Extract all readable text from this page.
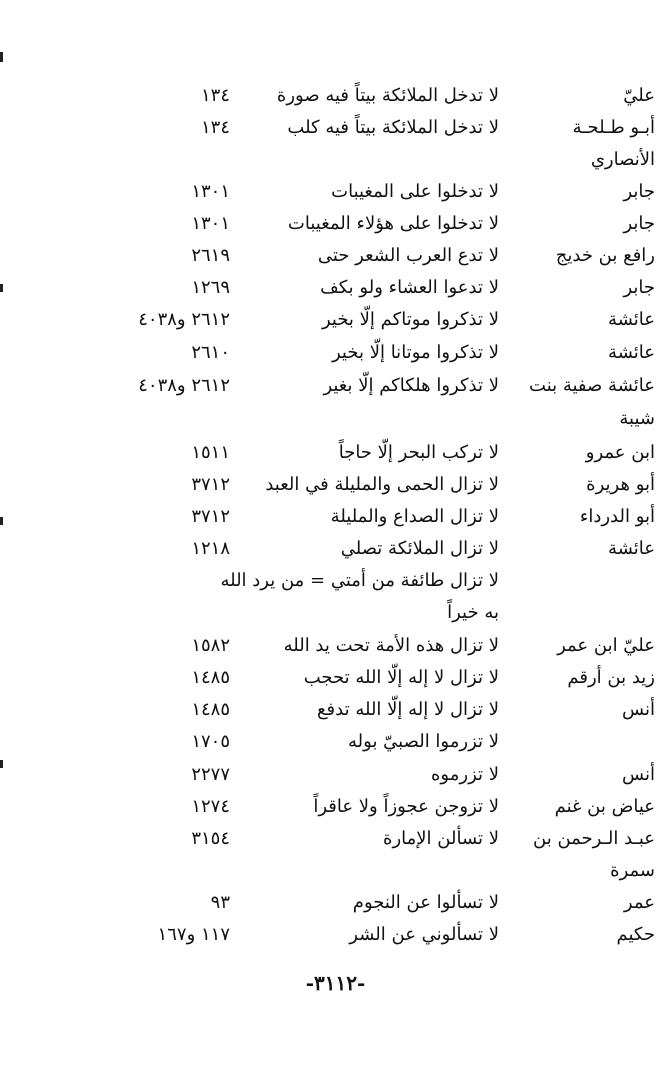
عليّ
لا تدخل الملائكة بيتاً فيه صورة
١٣٤
أبـو طـلحـة
لا تدخل الملائكة بيتاً فيه كلب
١٣٤
الأنصاري
جابر
لا تدخلوا على المغيبات
١٣٠١
جابر
لا تدخلوا على هؤلاء المغيبات
١٣٠١
رافع بن خديج
لا تدع العرب الشعر حتى
٢٦١٩
جابر
لا تدعوا العشاء ولو بكف
١٢٦٩
عائشة
لا تذكروا موتاكم إلّا بخير
٢٦١٢ و٤٠٣٨
عائشة
لا تذكروا موتانا إلّا بخير
٢٦١٠
عائشة صفية بنت
لا تذكروا هلكاكم إلّا بغير
٢٦١٢ و٤٠٣٨
شيبة
ابن عمرو
لا تركب البحر إلّا حاجاً
١٥١١
أبو هريرة
لا تزال الحمى والمليلة في العبد
٣٧١٢
أبو الدرداء
لا تزال الصداع والمليلة
٣٧١٢
عائشة
لا تزال الملائكة تصلي
١٢١٨
لا تزال طائفة من أمتي = من يرد الله
به خيراً
عليّ ابن عمر
لا تزال هذه الأمة تحت يد الله
١٥٨٢
زيد بن أرقم
لا تزال لا إله إلّا الله تحجب
١٤٨٥
أنس
لا تزال لا إله إلّا الله تدفع
١٤٨٥
لا تزرموا الصبيّ بوله
١٧٠٥
أنس
لا تزرموه
٢٢٧٧
عياض بن غنم
لا تزوجن عجوزاً ولا عاقراً
١٢٧٤
عبـد الـرحمن بن
لا تسألن الإمارة
٣١٥٤
سمرة
عمر
لا تسألوا عن النجوم
٩٣
حكيم
لا تسألوني عن الشر
١١٧ و١٦٧
-٣١١٢-
